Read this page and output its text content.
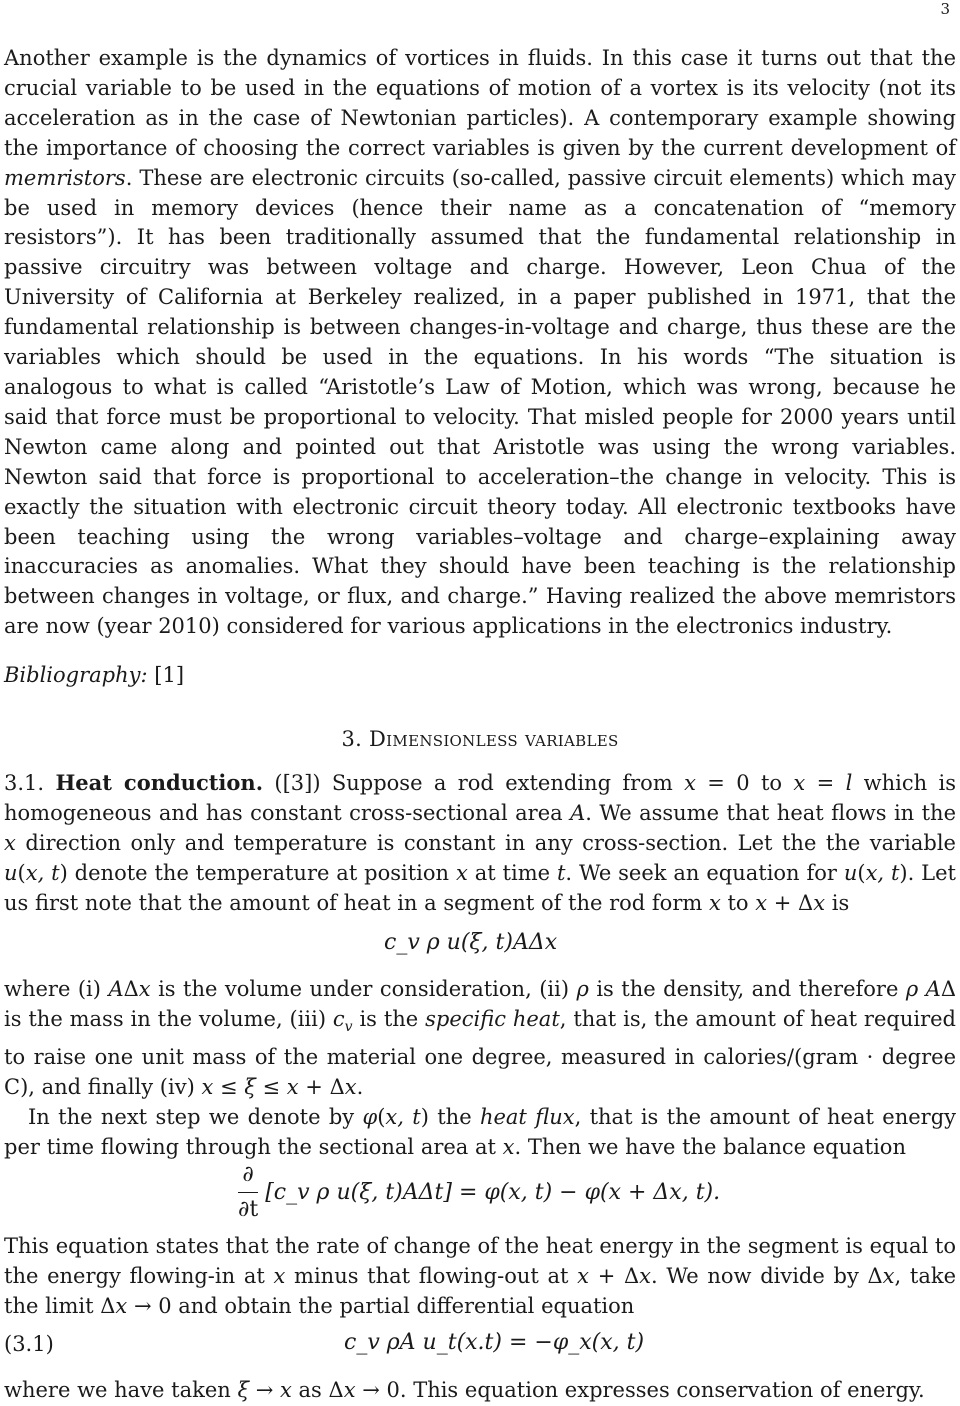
3
Another example is the dynamics of vortices in fluids. In this case it turns out that the crucial variable to be used in the equations of motion of a vortex is its velocity (not its acceleration as in the case of Newtonian particles). A contemporary example showing the importance of choosing the correct variables is given by the current development of memristors. These are electronic circuits (so-called, passive circuit elements) which may be used in memory devices (hence their name as a concatenation of “memory resistors”). It has been traditionally assumed that the fundamental relationship in passive circuitry was between voltage and charge. However, Leon Chua of the University of California at Berkeley realized, in a paper published in 1971, that the fundamental relationship is between changes-in-voltage and charge, thus these are the variables which should be used in the equations. In his words “The situation is analogous to what is called “Aristotle’s Law of Motion, which was wrong, because he said that force must be proportional to velocity. That misled people for 2000 years until Newton came along and pointed out that Aristotle was using the wrong variables. Newton said that force is proportional to acceleration–the change in velocity. This is exactly the situation with electronic circuit theory today. All electronic textbooks have been teaching using the wrong variables–voltage and charge–explaining away inaccuracies as anomalies. What they should have been teaching is the relationship between changes in voltage, or flux, and charge.” Having realized the above memristors are now (year 2010) considered for various applications in the electronics industry.
Bibliography: [1]
3. Dimensionless variables
3.1. Heat conduction. ([3]) Suppose a rod extending from x = 0 to x = l which is homogeneous and has constant cross-sectional area A. We assume that heat flows in the x direction only and temperature is constant in any cross-section. Let the the variable u(x, t) denote the temperature at position x at time t. We seek an equation for u(x, t). Let us first note that the amount of heat in a segment of the rod form x to x + Δx is
c_v ρ u(ξ, t)AΔx
where (i) AΔx is the volume under consideration, (ii) ρ is the density, and therefore ρ AΔ is the mass in the volume, (iii) $c_v$ is the specific heat, that is, the amount of heat required to raise one unit mass of the material one degree, measured in calories/(gram · degree C), and finally (iv) x ≤ ξ ≤ x + Δx.
In the next step we denote by φ(x, t) the heat flux, that is the amount of heat energy per time flowing through the sectional area at x. Then we have the balance equation
$\frac{\partial}{\partial t}$ [c_v ρ u(ξ, t)AΔt] = φ(x, t) − φ(x + Δx, t).
This equation states that the rate of change of the heat energy in the segment is equal to the energy flowing-in at x minus that flowing-out at x + Δx. We now divide by Δx, take the limit Δx → 0 and obtain the partial differential equation
(3.1)	c_v ρA u_t(x.t) = −φ_x(x, t)
where we have taken ξ → x as Δx → 0. This equation expresses conservation of energy.
